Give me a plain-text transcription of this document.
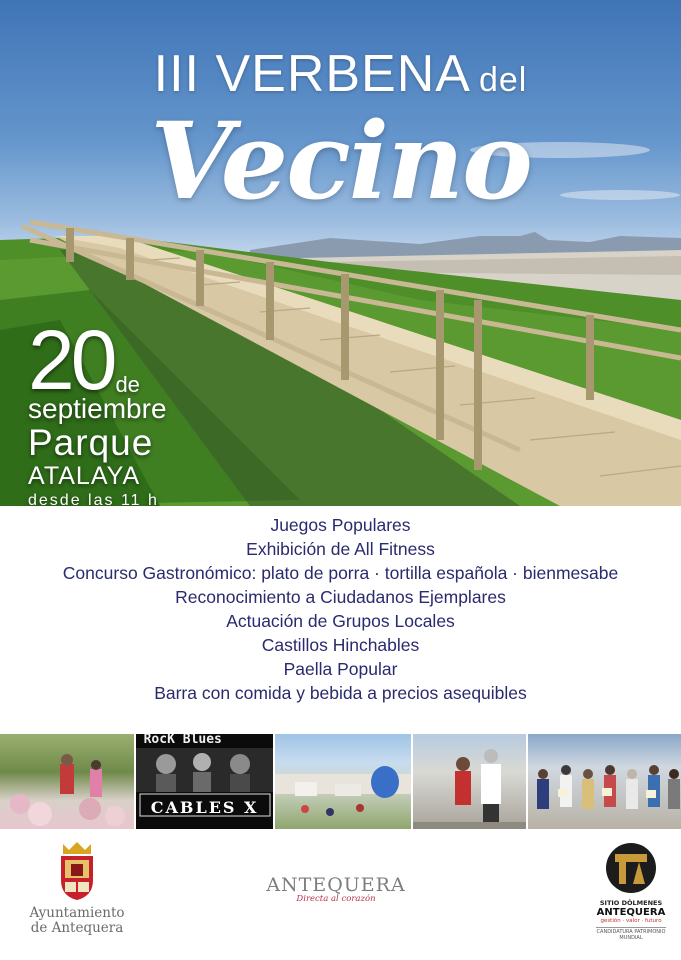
III VERBENA del
Vecino
20de
septiembre
Parque
ATALAYA
desde las 11 h
Juegos Populares
Exhibición de All Fitness
Concurso Gastronómico: plato de porra · tortilla española · bienmesabe
Reconocimiento a Ciudadanos Ejemplares
Actuación de Grupos Locales
Castillos Hinchables
Paella Popular
Barra con comida y bebida a precios asequibles
RocK Blues
CABLES X
Ayuntamiento
de Antequera
ANTEQUERA
Directa al corazón	SITIO DÓLMENES
ANTEQUERA
gestión · valor · futuro
CANDIDATURA PATRIMONIO MUNDIAL
